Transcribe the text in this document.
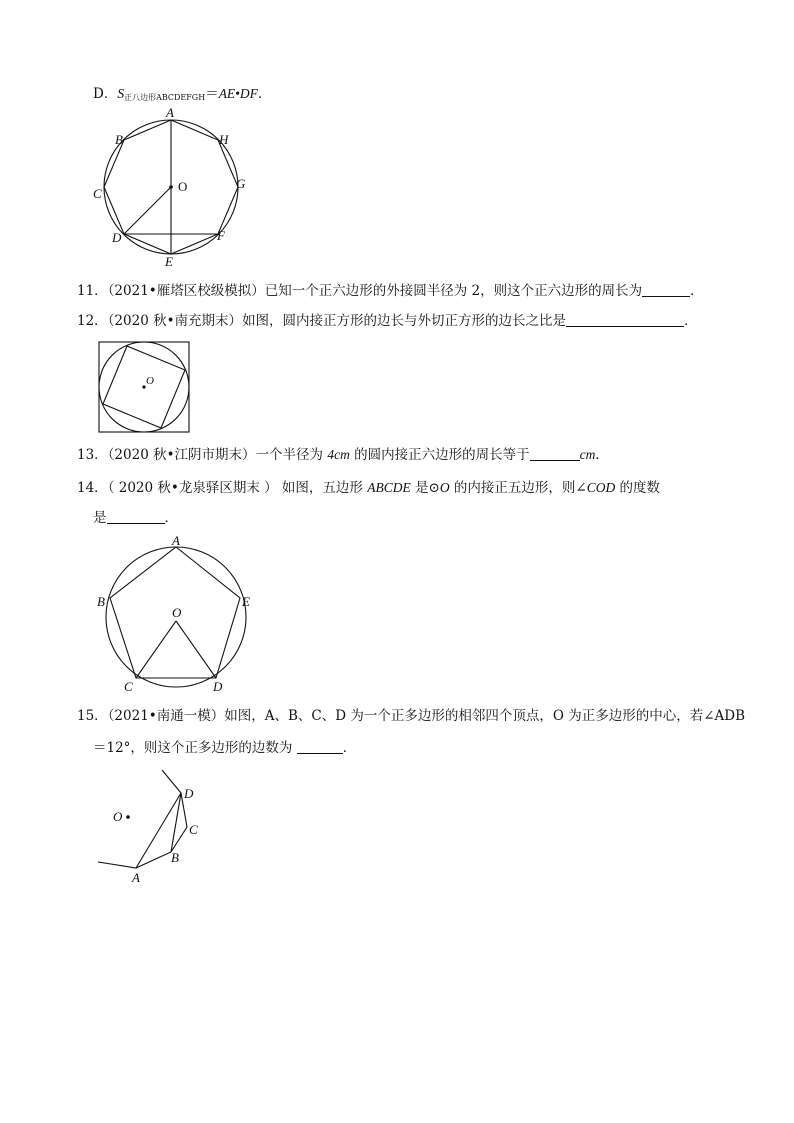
D．$S_{正八边形ABCDEFGH}=AE•DF$．
A
B
C
D
E
F
G
H
O
11．（2021•雁塔区校级模拟）已知一个正六边形的外接圆半径为 2，则这个正六边形的周长为	．
12．（2020 秋•南充期末）如图，圆内接正方形的边长与外切正方形的边长之比是	．
O
13．（2020 秋•江阴市期末）一个半径为 4cm 的圆内接正六边形的周长等于	cm．
14．（ 2020 秋•龙泉驿区期末 ） 如图，五边形 ABCDE 是⊙O 的内接正五边形，则∠COD 的度数
是	．
A
B
C	D
E
O
15．（2021•南通一模）如图，A、B、C、D 为一个正多边形的相邻四个顶点，O 为正多边形的中心，若∠ADB
＝12°，则这个正多边形的边数为	．
D
C
B
A
O
